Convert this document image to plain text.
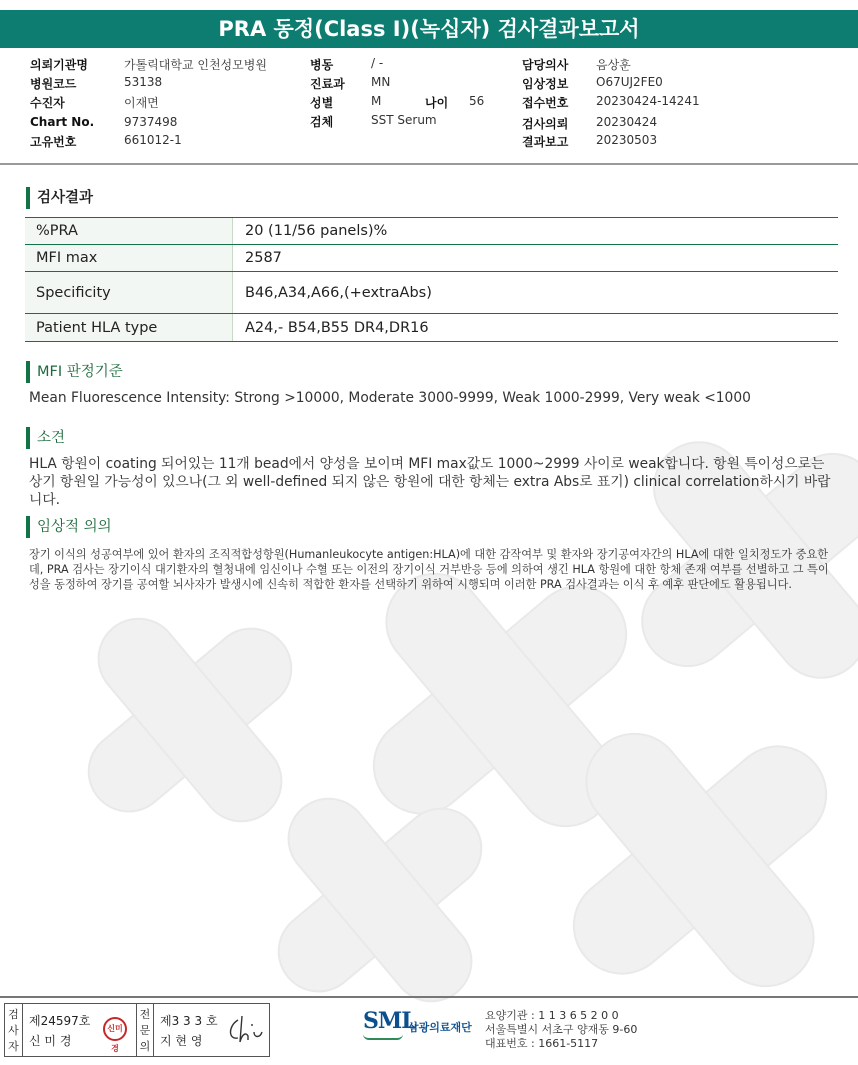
PRA 동정(Class I)(녹십자) 검사결과보고서
의뢰기관명	가톨릭대학교 인천성모병원
병원코드	53138
수진자	이재면
Chart No. 9737498
고유번호	661012-1
병동	/ -
진료과 MN
성별	M	나이 56
검체	SST Serum
담당의사 음상훈
임상정보 O67UJ2FE0
접수번호 20230424-14241
검사의뢰 20230424
결과보고 20230503
검사결과
%PRA	20 (11/56 panels)%
MFI max	2587
Specificity	B46,A34,A66,(+extraAbs)
Patient HLA type	A24,- B54,B55 DR4,DR16
MFI 판정기준
Mean Fluorescence Intensity: Strong >10000, Moderate 3000-9999, Weak 1000-2999, Very weak <1000
소견
HLA 항원이 coating 되어있는 11개 bead에서 양성을 보이며 MFI max값도 1000~2999 사이로 weak합니다. 항원 특이성으로는 상기 항원일 가능성이 있으나(그 외 well-defined 되지 않은 항원에 대한 항체는 extra Abs로 표기) clinical correlation하시기 바랍니다.
임상적 의의
장기 이식의 성공여부에 있어 환자의 조직적합성항원(Humanleukocyte antigen:HLA)에 대한 감작여부 및 환자와 장기공여자간의 HLA에 대한 일치정도가 중요한데, PRA 검사는 장기이식 대기환자의 혈청내에 임신이나 수혈 또는 이전의 장기이식 거부반응 등에 의하여 생긴 HLA 항원에 대한 항체 존재 여부를 선별하고 그 특이성을 동정하여 장기를 공여할 뇌사자가 발생시에 신속히 적합한 환자를 선택하기 위하여 시행되며 이러한 PRA 검사결과는 이식 후 예후 판단에도 활용됩니다.
검
사
자
제24597호
신 미 경
신미경
전
문
의
제3 3 3 호
지 현 영
SML
삼광의료재단
요양기관 : 1 1 3 6 5 2 0 0
서울특별시 서초구 양재동 9-60
대표번호 : 1661-5117
